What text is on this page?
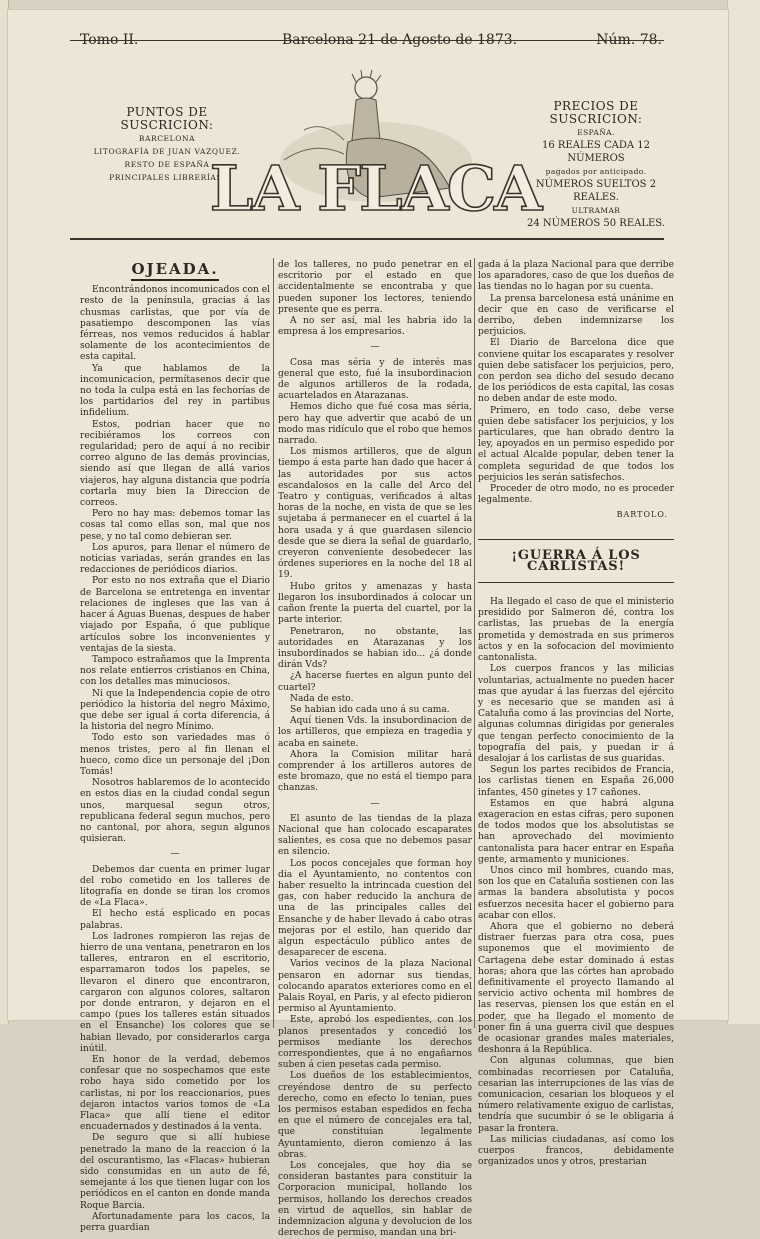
Tomo II.	Barcelona 21 de Agosto de 1873.	Núm. 78.
PUNTOS DE SUSCRICION:
BARCELONA
LITOGRAFÍA DE JUAN VAZQUEZ.
RESTO DE ESPAÑA
PRINCIPALES LIBRERÍAS.
LA FLACA
PRECIOS DE SUSCRICION:
ESPAÑA.
16 REALES CADA 12 NÚMEROS
pagados por anticipado.
NÚMEROS SUELTOS 2 REALES.
ULTRAMAR
24 NÚMEROS 50 REALES.
OJEADA.

Encontrándonos incomunicados con el resto de la península, gracias á las chusmas carlistas, que por vía de pasatiempo descomponen las vías férreas, nos vemos reducidos á hablar solamente de los acontecimientos de esta capital.

Ya que hablamos de la incomunicacion, permítasenos decir que no toda la culpa está en las fechorías de los partidarios del rey in partibus infidelium.

Estos, podrian hacer que no recibiéramos los correos con regularidad; pero de aquí á no recibir correo alguno de las demás provincias, siendo así que llegan de allá varios viajeros, hay alguna distancia que podría cortarla muy bien la Direccion de correos.

Pero no hay mas: debemos tomar las cosas tal como ellas son, mal que nos pese, y no tal como debieran ser.

Los apuros, para llenar el número de noticias variadas, serán grandes en las redacciones de periódicos diarios.

Por esto no nos extraña que el Diario de Barcelona se entretenga en inventar relaciones de ingleses que las van á hacer á Aguas Buenas, despues de haber viajado por España, ó que publique artículos sobre los inconvenientes y ventajas de la siesta.

Tampoco estrañamos que la Imprenta nos relate entierros cristianos en China, con los detalles mas minuciosos.

Ni que la Independencia copie de otro periódico la historia del negro Máximo, que debe ser igual á corta diferencia, á la historia del negro Mínimo.

Todo esto son variedades mas ó menos tristes, pero al fin llenan el hueco, como dice un personaje del ¡Don Tomás!

Nosotros hablaremos de lo acontecido en estos dias en la ciudad condal segun unos, marquesal segun otros, republicana federal segun muchos, pero no cantonal, por ahora, segun algunos quisieran.

—

Debemos dar cuenta en primer lugar del robo cometido en los talleres de litografía en donde se tiran los cromos de «La Flaca».

El hecho está esplicado en pocas palabras.

Los ladrones rompieron las rejas de hierro de una ventana, penetraron en los talleres, entraron en el escritorio, esparramaron todos los papeles, se llevaron el dinero que encontraron, cargaron con algunos colores, saltaron por donde entraron, y dejaron en el campo (pues los talleres están situados en el Ensanche) los colores que se habian llevado, por considerarlos carga inútil.

En honor de la verdad, debemos confesar que no sospechamos que este robo haya sido cometido por los carlistas, ni por los reaccionarios, pues dejaron intactos varios tomos de «La Flaca» que allí tiene el editor encuadernados y destinados á la venta.

De seguro que si allí hubiese penetrado la mano de la reaccion ó la del oscurantismo, las «Flacas» hubieran sido consumidas en un auto de fé, semejante á los que tienen lugar con los periódicos en el canton en donde manda Roque Barcia.

Afortunadamente para los cacos, la perra guardian

de los talleres, no pudo penetrar en el escritorio por el estado en que accidentalmente se encontraba y que pueden suponer los lectores, teniendo presente que es perra.

A no ser así, mal les habria ido la empresa á los empresarios.

—

Cosa mas séria y de interés mas general que esto, fué la insubordinacion de algunos artilleros de la rodada, acuartelados en Atarazanas.

Hemos dicho que fué cosa mas séria, pero hay que advertir que acabó de un modo mas ridículo que el robo que hemos narrado.

Los mismos artilleros, que de algun tiempo á esta parte han dado que hacer á las autoridades por sus actos escandalosos en la calle del Arco del Teatro y contiguas, verificados á altas horas de la noche, en vista de que se les sujetaba á permanecer en el cuartel á la hora usada y á que guardasen silencio desde que se diera la señal de guardarlo, creyeron conveniente desobedecer las órdenes superiores en la noche del 18 al 19.

Hubo gritos y amenazas y hasta llegaron los insubordinados á colocar un cañon frente la puerta del cuartel, por la parte interior.

Penetraron, no obstante, las autoridades en Atarazanas y los insubordinados se habian ido... ¿á donde dirán Vds?

¿A hacerse fuertes en algun punto del cuartel?

Nada de esto.

Se habian ido cada uno á su cama.

Aquí tienen Vds. la insubordinacion de los artilleros, que empieza en tragedia y acaba en sainete.

Ahora la Comision militar hará comprender á los artilleros autores de este bromazo, que no está el tiempo para chanzas.

—

El asunto de las tiendas de la plaza Nacional que han colocado escaparates salientes, es cosa que no debemos pasar en silencio.

Los pocos concejales que forman hoy dia el Ayuntamiento, no contentos con haber resuelto la intrincada cuestion del gas, con haber reducido la anchura de una de las principales calles del Ensanche y de haber llevado á cabo otras mejoras por el estilo, han querido dar algun espectáculo público antes de desaparecer de escena.

Varios vecinos de la plaza Nacional pensaron en adornar sus tiendas, colocando aparatos exteriores como en el Palais Royal, en Paris, y al efecto pidieron permiso al Ayuntamiento.

Este, aprobó los espedientes, con los planos presentados y concedió los permisos mediante los derechos correspondientes, que á no engañarnos suben á cien pesetas cada permiso.

Los dueños de los establecimientos, creyéndose dentro de su perfecto derecho, como en efecto lo tenian, pues los permisos estaban espedidos en fecha en que el número de concejales era tal, que constituian legalmente Ayuntamiento, dieron comienzo á las obras.

Los concejales, que hoy dia se consideran bastantes para constituir la Corporacion municipal, hollando los permisos, hollando los derechos creados en virtud de aquellos, sin hablar de indemnizacion alguna y devolucion de los derechos de permiso, mandan una bri-

gada á la plaza Nacional para que derribe los aparadores, caso de que los dueños de las tiendas no lo hagan por su cuenta.

La prensa barcelonesa está unánime en decir que en caso de verificarse el derribo, deben indemnizarse los perjuicios.

El Diario de Barcelona dice que conviene quitar los escaparates y resolver quien debe satisfacer los perjuicios, pero, con perdon sea dicho del sesudo decano de los periódicos de esta capital, las cosas no deben andar de este modo.

Primero, en todo caso, debe verse quien debe satisfacer los perjuicios, y los particulares, que han obrado dentro la ley, apoyados en un permiso espedido por el actual Alcalde popular, deben tener la completa seguridad de que todos los perjuicios les serán satisfechos.

Proceder de otro modo, no es proceder legalmente.

BARTOLO.
¡GUERRA Á LOS CARLISTAS!

Ha llegado el caso de que el ministerio presidido por Salmeron dé, contra los carlistas, las pruebas de la energía prometida y demostrada en sus primeros actos y en la sofocacion del movimiento cantonalista.

Los cuerpos francos y las milicias voluntarias, actualmente no pueden hacer mas que ayudar á las fuerzas del ejército y es necesario que se manden asi á Cataluña como á las provincias del Norte, algunas columnas dirigidas por generales que tengan perfecto conocimiento de la topografía del pais, y puedan ir á desalojar á los carlistas de sus guaridas.

Segun los partes recibidos de Francia, los carlistas tienen en España 26,000 infantes, 450 ginetes y 17 cañones.

Estamos en que habrá alguna exageracion en estas cifras, pero suponen de todos modos que los absolutistas se han aprovechado del movimiento cantonalista para hacer entrar en España gente, armamento y municiones.

Unos cinco mil hombres, cuando mas, son los que en Cataluña sostienen con las armas la bandera absolutista y pocos esfuerzos necesita hacer el gobierno para acabar con ellos.

Ahora que el gobierno no deberá distraer fuerzas para otra cosa, pues suponemos que el movimiento de Cartagena debe estar dominado á estas horas; ahora que las córtes han aprobado definitivamente el proyecto llamando al servicio activo ochenta mil hombres de las reservas, piensen los que están en el poder, que ha llegado el momento de poner fin á una guerra civil que despues de ocasionar grandes males materiales, deshonra á la República.

Con algunas columnas, que bien combinadas recorriesen por Cataluña, cesarian las interrupciones de las vías de comunicacion, cesarian los bloqueos y el número relativamente exiguo de carlistas, tendría que sucumbir ó se le obligaria á pasar la frontera.

Las milicias ciudadanas, así como los cuerpos francos, debidamente organizados unos y otros, prestarian
